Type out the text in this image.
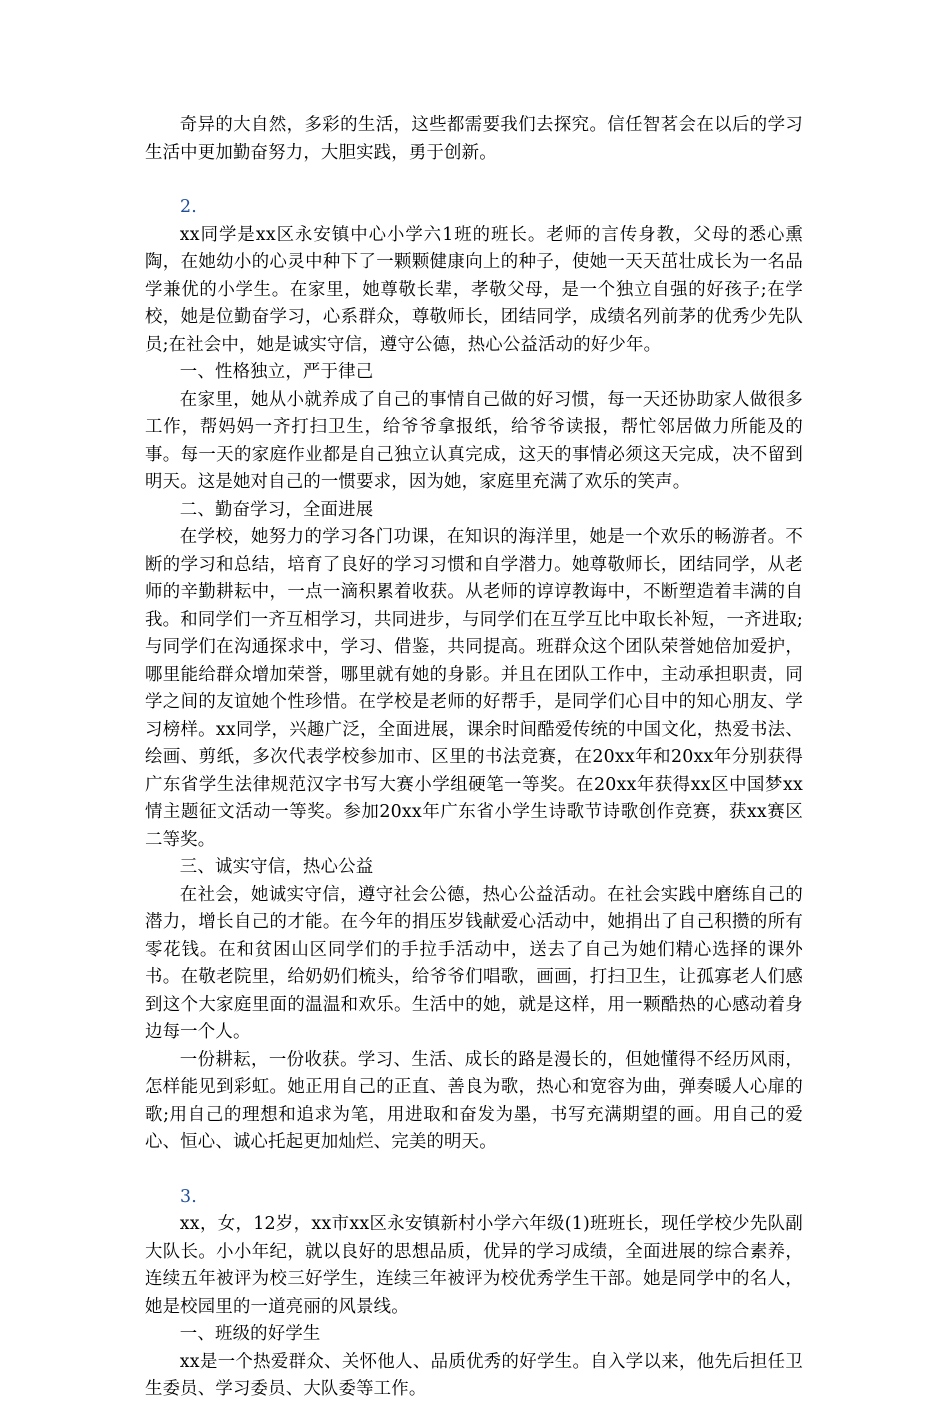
奇异的大自然，多彩的生活，这些都需要我们去探究。信任智茗会在以后的学习生活中更加勤奋努力，大胆实践，勇于创新。

2.

xx同学是xx区永安镇中心小学六1班的班长。老师的言传身教，父母的悉心熏陶，在她幼小的心灵中种下了一颗颗健康向上的种子，使她一天天茁壮成长为一名品学兼优的小学生。在家里，她尊敬长辈，孝敬父母，是一个独立自强的好孩子;在学校，她是位勤奋学习，心系群众，尊敬师长，团结同学，成绩名列前茅的优秀少先队员;在社会中，她是诚实守信，遵守公德，热心公益活动的好少年。

一、性格独立，严于律己

在家里，她从小就养成了自己的事情自己做的好习惯，每一天还协助家人做很多工作，帮妈妈一齐打扫卫生，给爷爷拿报纸，给爷爷读报，帮忙邻居做力所能及的事。每一天的家庭作业都是自己独立认真完成，这天的事情必须这天完成，决不留到明天。这是她对自己的一惯要求，因为她，家庭里充满了欢乐的笑声。

二、勤奋学习，全面进展

在学校，她努力的学习各门功课，在知识的海洋里，她是一个欢乐的畅游者。不断的学习和总结，培育了良好的学习习惯和自学潜力。她尊敬师长，团结同学，从老师的辛勤耕耘中，一点一滴积累着收获。从老师的谆谆教诲中，不断塑造着丰满的自我。和同学们一齐互相学习，共同进步，与同学们在互学互比中取长补短，一齐进取;与同学们在沟通探求中，学习、借鉴，共同提高。班群众这个团队荣誉她倍加爱护，哪里能给群众增加荣誉，哪里就有她的身影。并且在团队工作中，主动承担职责，同学之间的友谊她个性珍惜。在学校是老师的好帮手，是同学们心目中的知心朋友、学习榜样。xx同学，兴趣广泛，全面进展，课余时间酷爱传统的中国文化，热爱书法、绘画、剪纸，多次代表学校参加市、区里的书法竞赛，在20xx年和20xx年分别获得广东省学生法律规范汉字书写大赛小学组硬笔一等奖。在20xx年获得xx区中国梦xx情主题征文活动一等奖。参加20xx年广东省小学生诗歌节诗歌创作竞赛，获xx赛区二等奖。

三、诚实守信，热心公益

在社会，她诚实守信，遵守社会公德，热心公益活动。在社会实践中磨练自己的潜力，增长自己的才能。在今年的捐压岁钱献爱心活动中，她捐出了自己积攒的所有零花钱。在和贫困山区同学们的手拉手活动中，送去了自己为她们精心选择的课外书。在敬老院里，给奶奶们梳头，给爷爷们唱歌，画画，打扫卫生，让孤寡老人们感到这个大家庭里面的温温和欢乐。生活中的她，就是这样，用一颗酷热的心感动着身边每一个人。

一份耕耘，一份收获。学习、生活、成长的路是漫长的，但她懂得不经历风雨，怎样能见到彩虹。她正用自己的正直、善良为歌，热心和宽容为曲，弹奏暖人心扉的歌;用自己的理想和追求为笔，用进取和奋发为墨，书写充满期望的画。用自己的爱心、恒心、诚心托起更加灿烂、完美的明天。

3.

xx，女，12岁，xx市xx区永安镇新村小学六年级(1)班班长，现任学校少先队副大队长。小小年纪，就以良好的思想品质，优异的学习成绩，全面进展的综合素养，连续五年被评为校三好学生，连续三年被评为校优秀学生干部。她是同学中的名人，她是校园里的一道亮丽的风景线。

一、班级的好学生

xx是一个热爱群众、关怀他人、品质优秀的好学生。自入学以来，他先后担任卫生委员、学习委员、大队委等工作。
